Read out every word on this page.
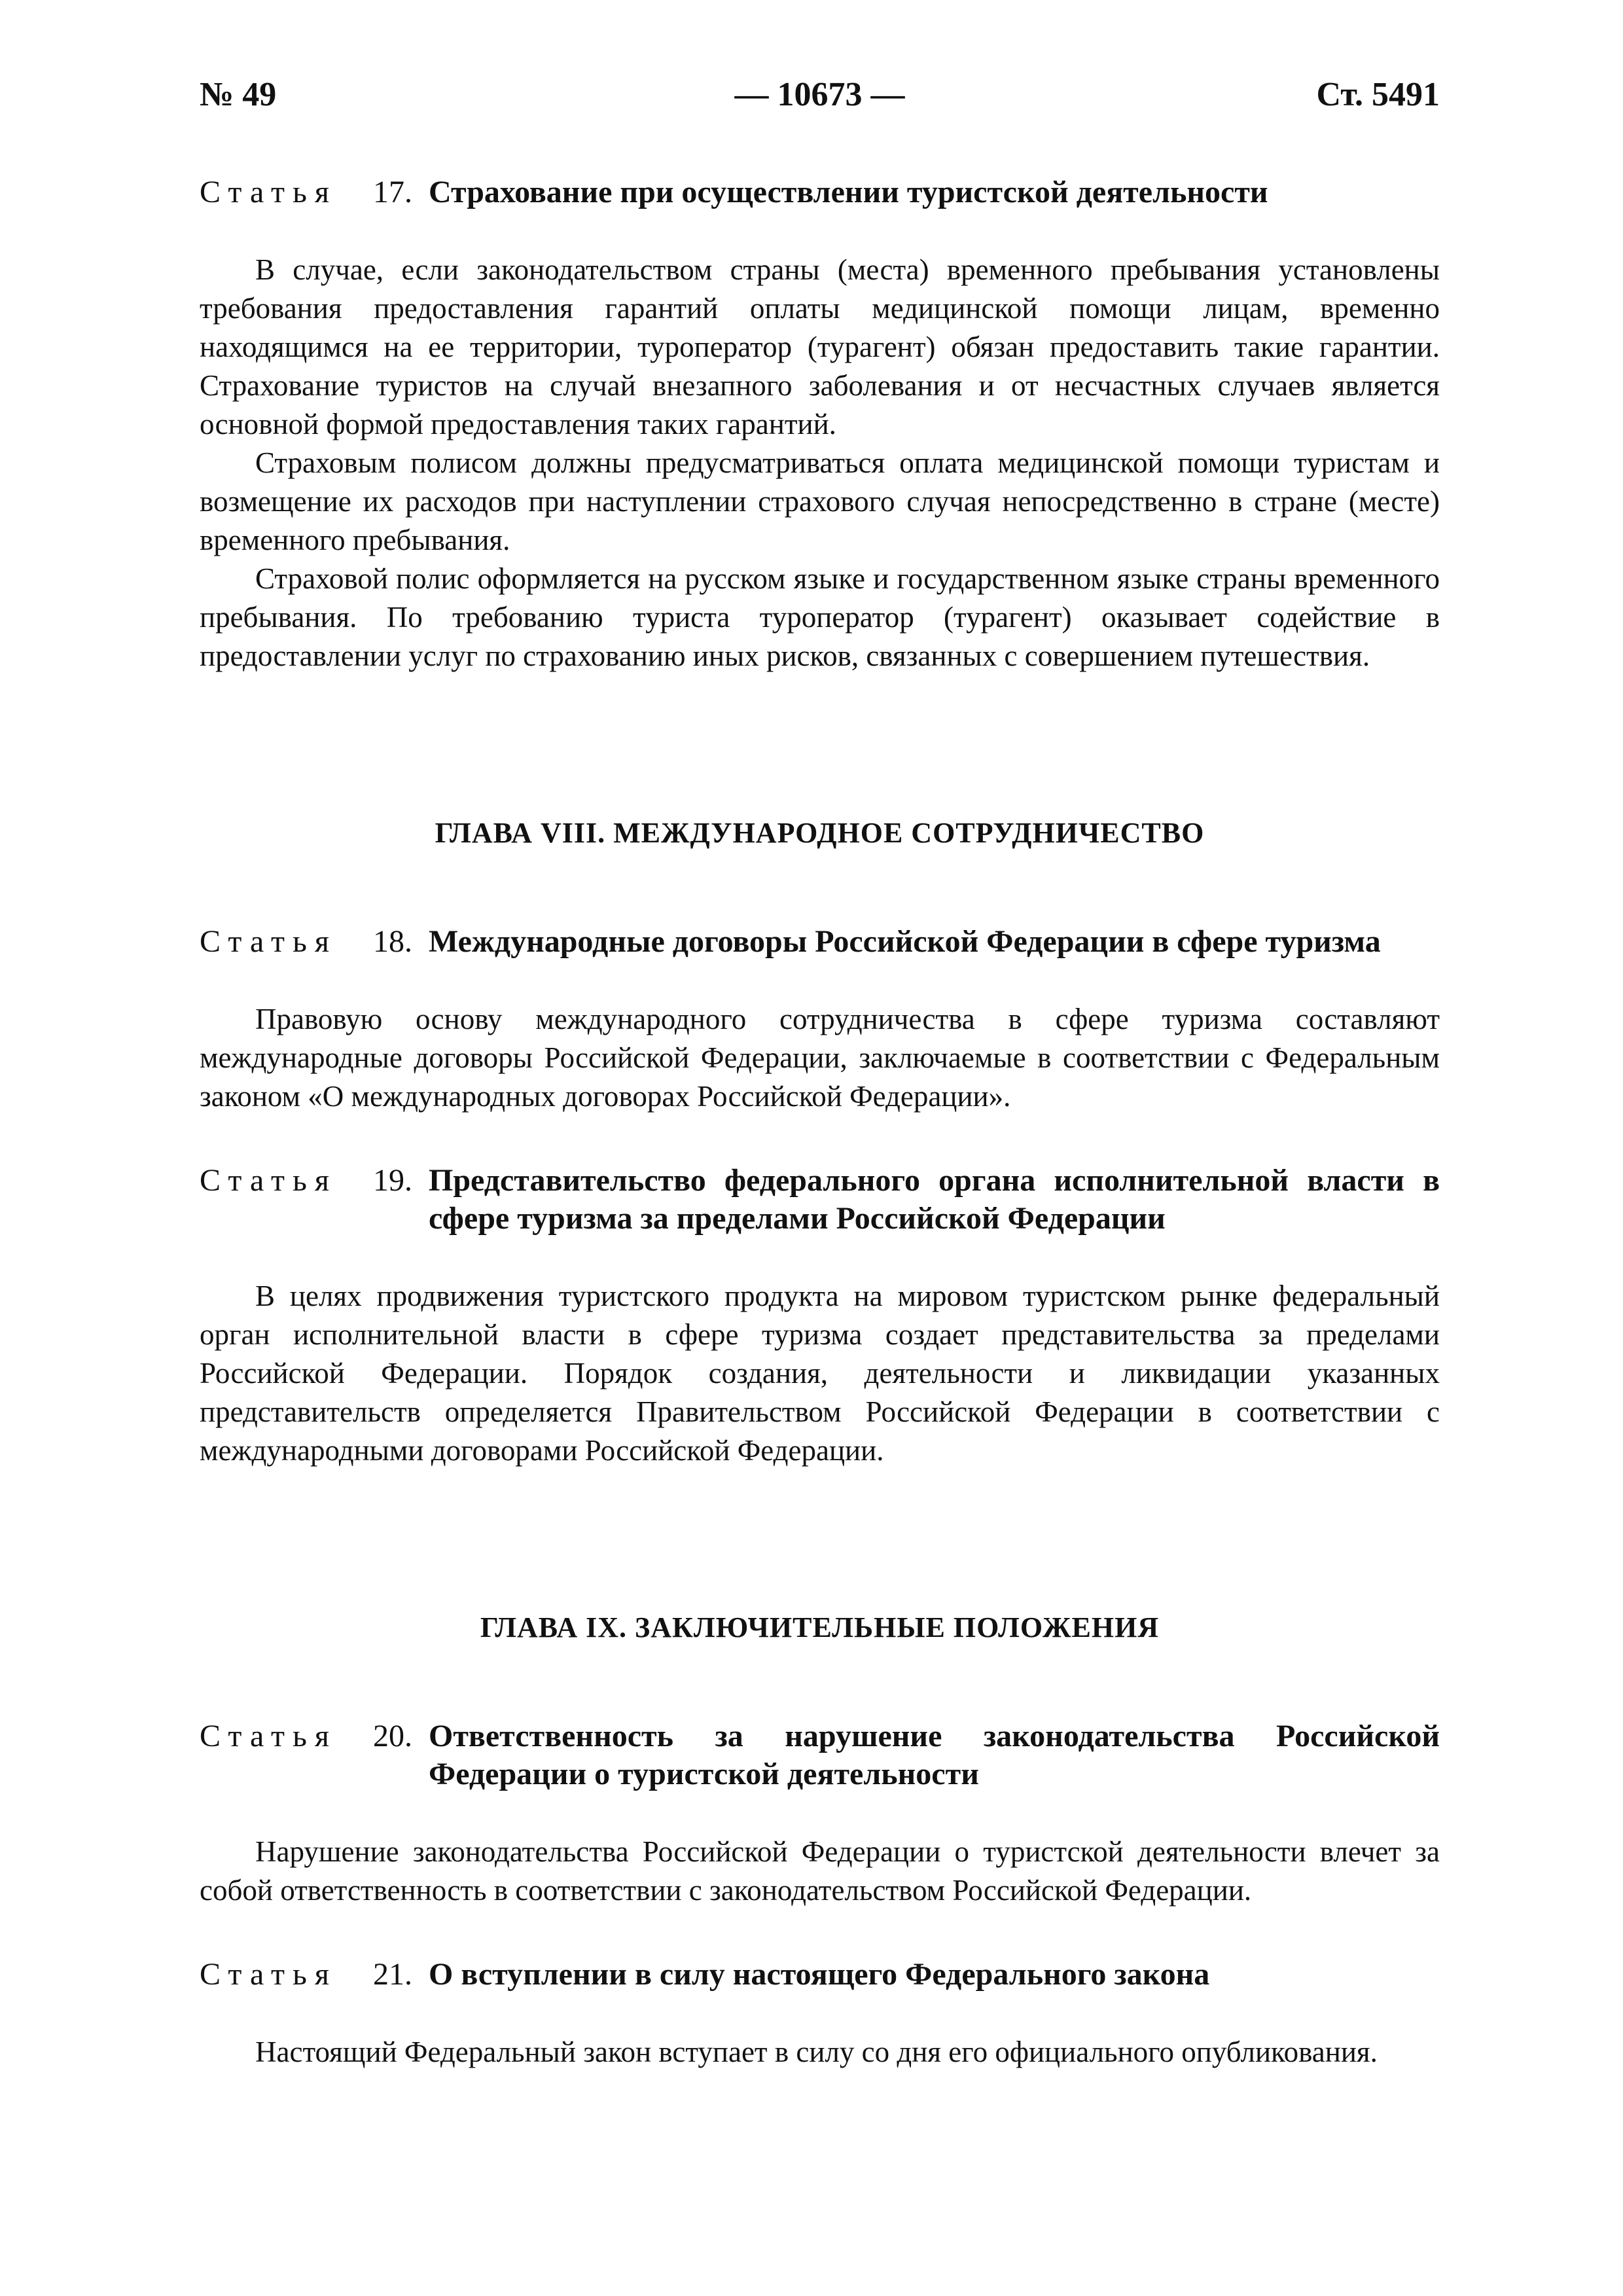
№ 49	— 10673 —	Ст. 5491
Статья	17. Страхование при осуществлении туристской деятельности

В случае, если законодательством страны (места) временного пребывания установлены требования предоставления гарантий оплаты медицинской помощи лицам, временно находящимся на ее территории, туроператор (турагент) обязан предоставить такие гарантии. Страхование туристов на случай внезапного заболевания и от несчастных случаев является основной формой предоставления таких гарантий.

Страховым полисом должны предусматриваться оплата медицинской помощи туристам и возмещение их расходов при наступлении страхового случая непосредственно в стране (месте) временного пребывания.

Страховой полис оформляется на русском языке и государственном языке страны временного пребывания. По требованию туриста туроператор (турагент) оказывает содействие в предоставлении услуг по страхованию иных рисков, связанных с совершением путешествия.

ГЛАВА VIII. МЕЖДУНАРОДНОЕ СОТРУДНИЧЕСТВО
Статья	18. Международные договоры Российской Федерации в сфере туризма

Правовую основу международного сотрудничества в сфере туризма составляют международные договоры Российской Федерации, заключаемые в соответствии с Федеральным законом «О международных договорах Российской Федерации».

Статья	19. Представительство федерального органа исполнительной власти в сфере туризма за пределами Российской Федерации

В целях продвижения туристского продукта на мировом туристском рынке федеральный орган исполнительной власти в сфере туризма создает представительства за пределами Российской Федерации. Порядок создания, деятельности и ликвидации указанных представительств определяется Правительством Российской Федерации в соответствии с международными договорами Российской Федерации.

ГЛАВА IX. ЗАКЛЮЧИТЕЛЬНЫЕ ПОЛОЖЕНИЯ
Статья	20. Ответственность за нарушение законодательства Российской Федерации о туристской деятельности

Нарушение законодательства Российской Федерации о туристской деятельности влечет за собой ответственность в соответствии с законодательством Российской Федерации.

Статья	21. О вступлении в силу настоящего Федерального закона

Настоящий Федеральный закон вступает в силу со дня его официального опубликования.
